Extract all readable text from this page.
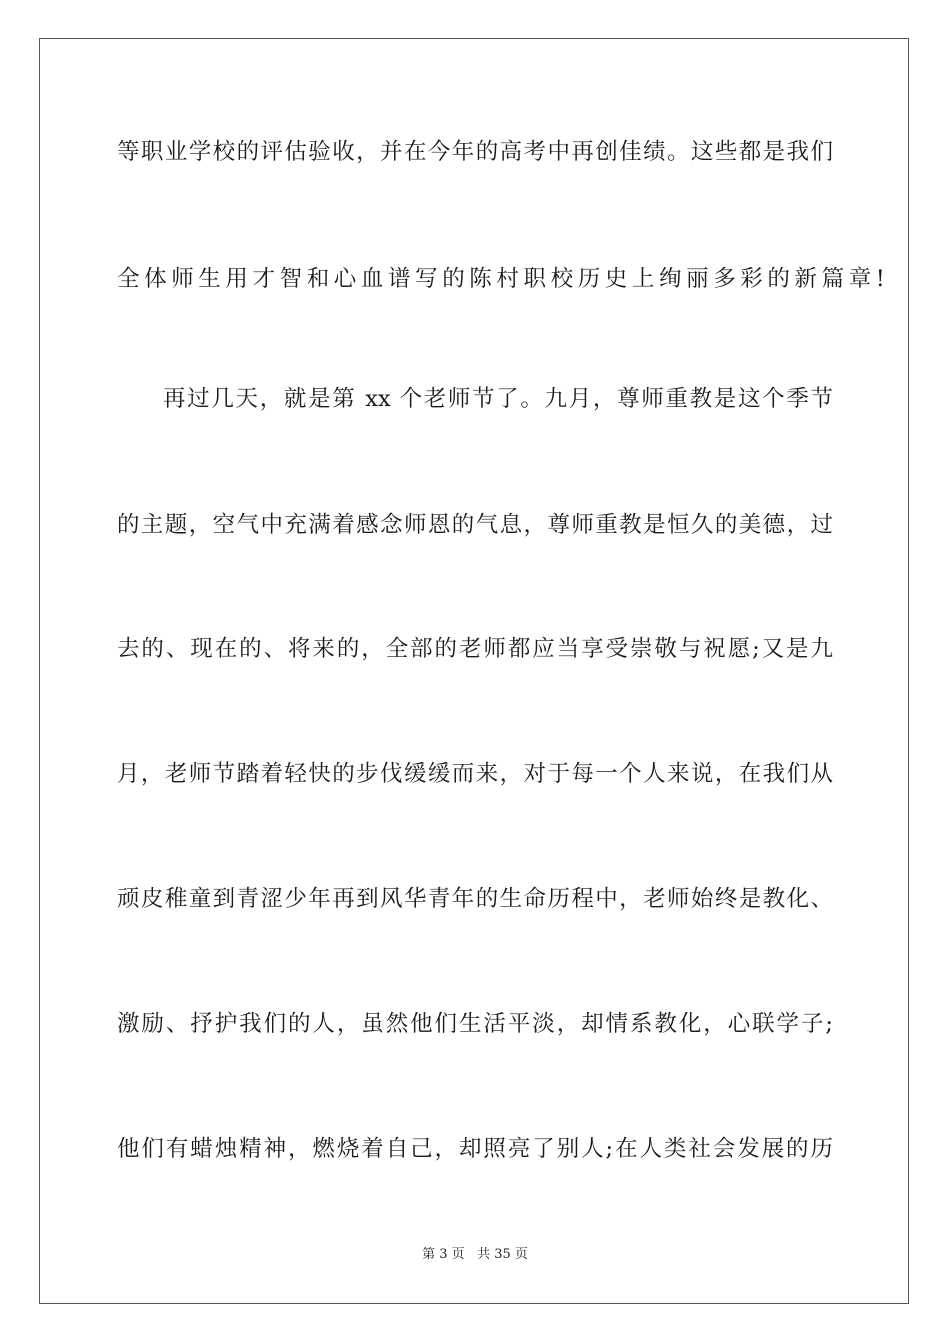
等职业学校的评估验收，并在今年的高考中再创佳绩。这些都是我们
全体师生用才智和心血谱写的陈村职校历史上绚丽多彩的新篇章!
再过几天，就是第 xx 个老师节了。九月，尊师重教是这个季节
的主题，空气中充满着感念师恩的气息，尊师重教是恒久的美德，过
去的、现在的、将来的，全部的老师都应当享受崇敬与祝愿;又是九
月，老师节踏着轻快的步伐缓缓而来，对于每一个人来说，在我们从
顽皮稚童到青涩少年再到风华青年的生命历程中，老师始终是教化、
激励、抒护我们的人，虽然他们生活平淡，却情系教化，心联学子;
他们有蜡烛精神，燃烧着自己，却照亮了别人;在人类社会发展的历
第 3 页 共 35 页
